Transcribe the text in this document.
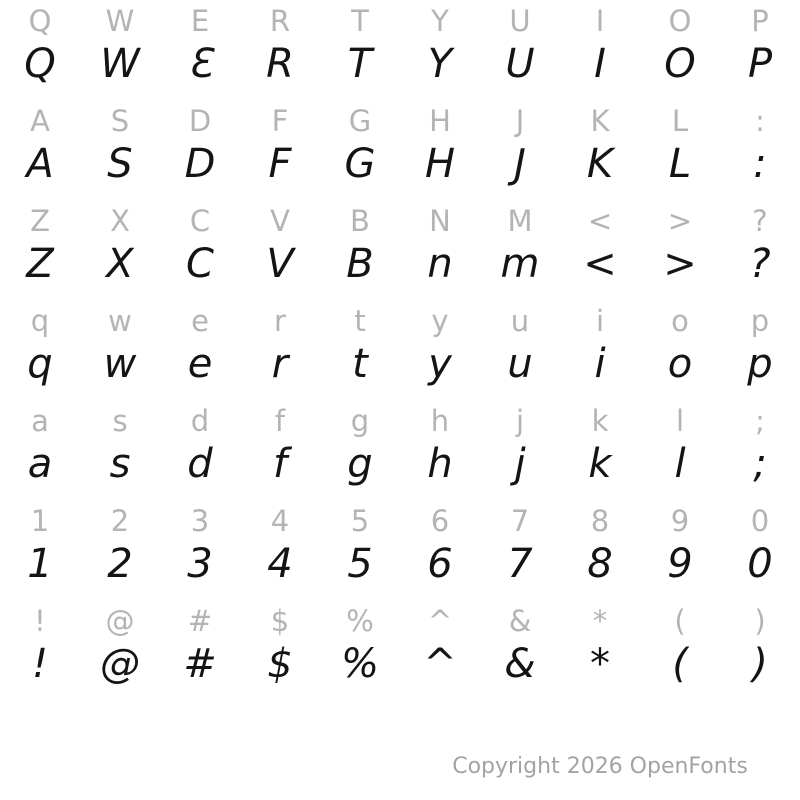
Q	W	E	R	T	Y	U	I	O	P
Q	W	Ɛ	R	T	Y	U	I	O	P
A	S	D	F	G	H	J	K	L	:
A	S	D	F	G	H	J	K	L	:
Z	X	C	V	B	N	M	<	>	?
Z	X	C	V	B	n	m	<	>	?
q	w	e	r	t	y	u	i	o	p
q	w	e	r	t	y	u	i	o	p
a	s	d	f	g	h	j	k	l	;
a	s	d	f	g	h	j	k	l	;
1	2	3	4	5	6	7	8	9	0
1	2	3	4	5	6	7	8	9	0
!	@	#	$	%	^	&	*	(	)
!	@	#	$	%	^	&	*	(	)
Copyright 2026 OpenFonts
